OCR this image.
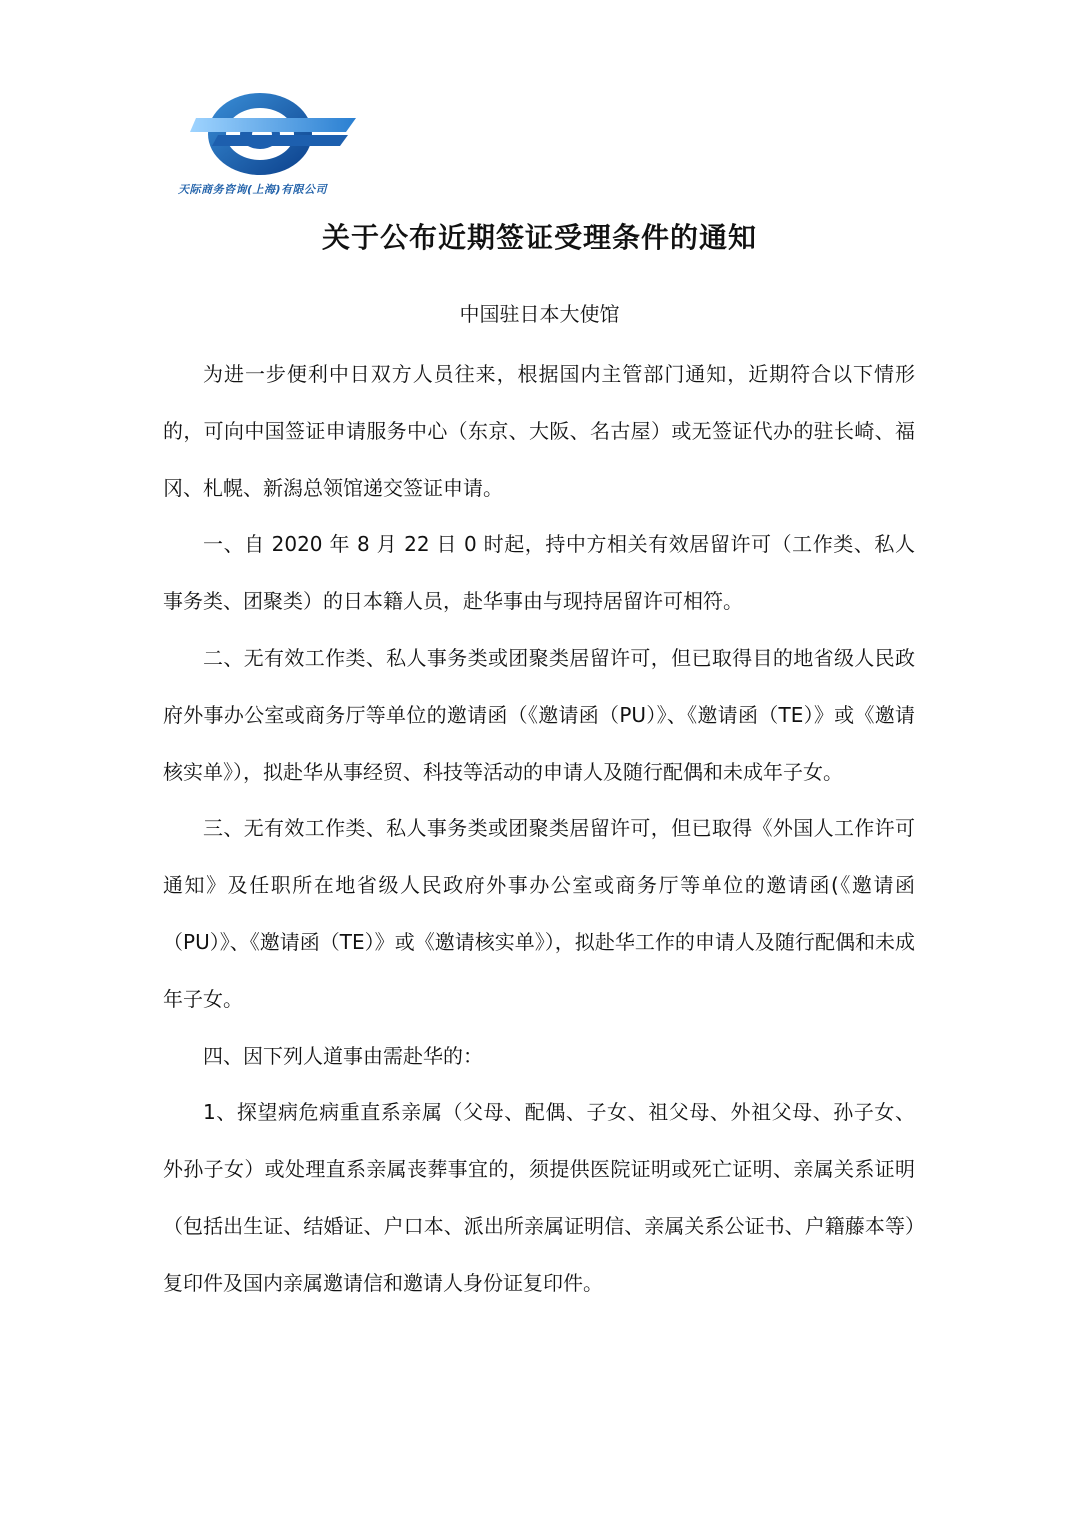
天际商务咨询(上海)有限公司
关于公布近期签证受理条件的通知
中国驻日本大使馆

为进一步便利中日双方人员往来，根据国内主管部门通知，近期符合以下情形的，可向中国签证申请服务中心（东京、大阪、名古屋）或无签证代办的驻长崎、福冈、札幌、新潟总领馆递交签证申请。

一、自 2020 年 8 月 22 日 0 时起，持中方相关有效居留许可（工作类、私人事务类、团聚类）的日本籍人员，赴华事由与现持居留许可相符。

二、无有效工作类、私人事务类或团聚类居留许可，但已取得目的地省级人民政府外事办公室或商务厅等单位的邀请函（《邀请函（PU）》、《邀请函（TE）》或《邀请核实单》），拟赴华从事经贸、科技等活动的申请人及随行配偶和未成年子女。

三、无有效工作类、私人事务类或团聚类居留许可，但已取得《外国人工作许可通知》及任职所在地省级人民政府外事办公室或商务厅等单位的邀请函(《邀请函（PU）》、《邀请函（TE）》或《邀请核实单》），拟赴华工作的申请人及随行配偶和未成年子女。

四、因下列人道事由需赴华的：

1、探望病危病重直系亲属（父母、配偶、子女、祖父母、外祖父母、孙子女、外孙子女）或处理直系亲属丧葬事宜的，须提供医院证明或死亡证明、亲属关系证明（包括出生证、结婚证、户口本、派出所亲属证明信、亲属关系公证书、户籍藤本等）复印件及国内亲属邀请信和邀请人身份证复印件。
